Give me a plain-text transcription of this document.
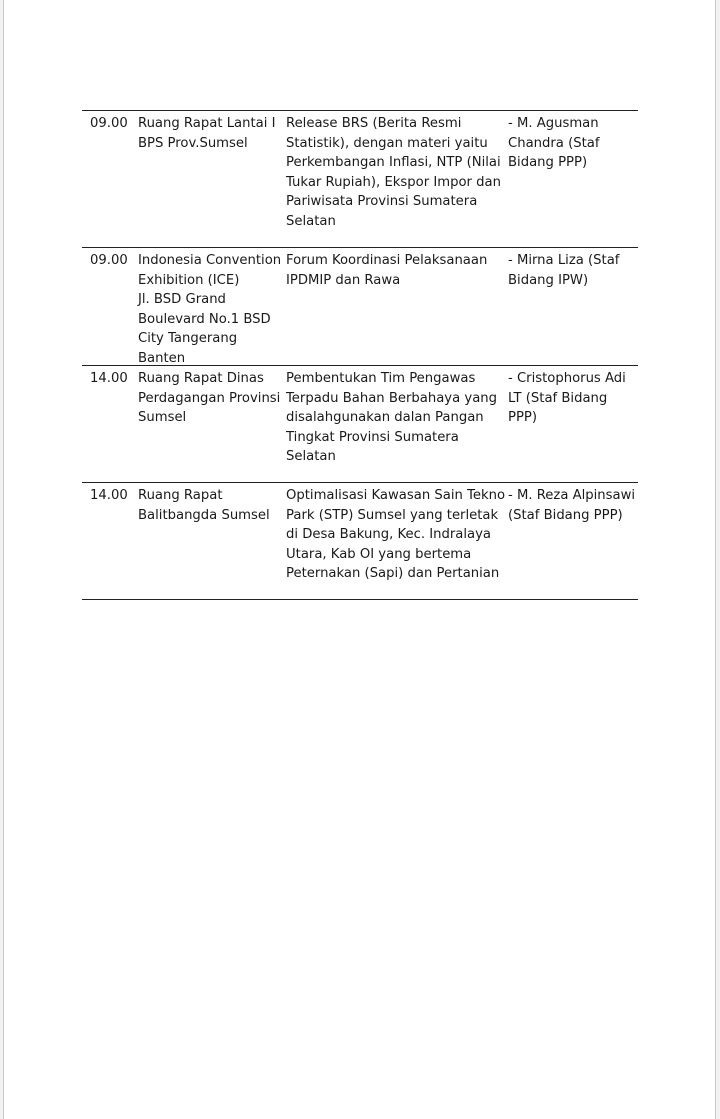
09.00 Ruang Rapat Lantai I
BPS Prov.Sumsel
Release BRS (Berita Resmi
Statistik), dengan materi yaitu
Perkembangan Inflasi, NTP (Nilai
Tukar Rupiah), Ekspor Impor dan
Pariwisata Provinsi Sumatera
Selatan
- M. Agusman
Chandra (Staf
Bidang PPP)
09.00 Indonesia Convention
Exhibition (ICE)
Jl. BSD Grand
Boulevard No.1 BSD
City Tangerang Banten
Forum Koordinasi Pelaksanaan
IPDMIP dan Rawa
- Mirna Liza (Staf
Bidang IPW)
14.00 Ruang Rapat Dinas
Perdagangan Provinsi
Sumsel
Pembentukan Tim Pengawas
Terpadu Bahan Berbahaya yang
disalahgunakan dalan Pangan
Tingkat Provinsi Sumatera
Selatan
- Cristophorus Adi
LT (Staf Bidang
PPP)
14.00 Ruang Rapat
Balitbangda Sumsel
Optimalisasi Kawasan Sain Tekno
Park (STP) Sumsel yang terletak
di Desa Bakung, Kec. Indralaya
Utara, Kab OI yang bertema
Peternakan (Sapi) dan Pertanian
- M. Reza Alpinsawi
(Staf Bidang PPP)
